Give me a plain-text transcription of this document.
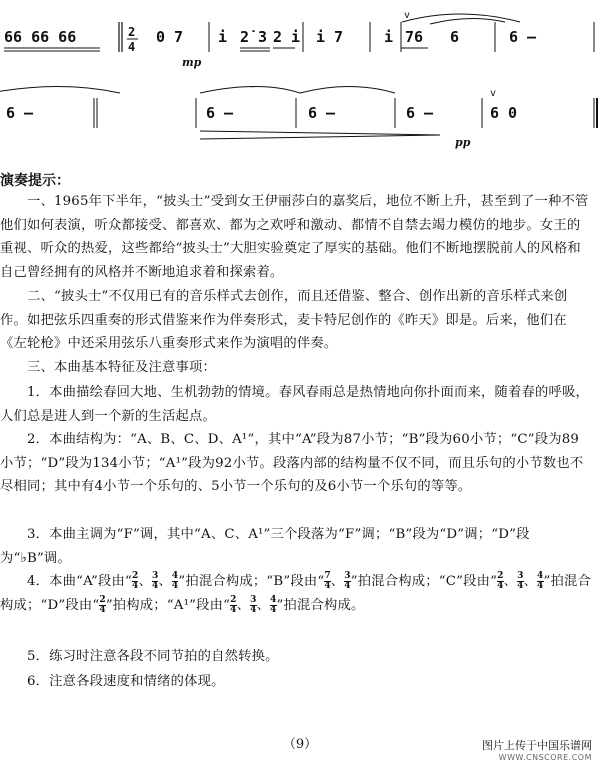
66 66 66	2
4
0 7 i 2˙3 2 i i 7	i 76 6	6 –
v
mp
6 –	6 –	6 –	6 –
v
6 0
pp
演奏提示：

　　一、1965年下半年，“披头士”受到女王伊丽莎白的嘉奖后，地位不断上升，甚至到了一种不管他们如何表演，听众都接受、都喜欢、都为之欢呼和激动、都情不自禁去竭力模仿的地步。女王的重视、听众的热爱，这些都给“披头士”大胆实验奠定了厚实的基础。他们不断地摆脱前人的风格和自己曾经拥有的风格并不断地追求着和探索着。

　　二、“披头士”不仅用已有的音乐样式去创作，而且还借鉴、整合、创作出新的音乐样式来创作。如把弦乐四重奏的形式借鉴来作为伴奏形式，麦卡特尼创作的《昨天》即是。后来，他们在《左轮枪》中还采用弦乐八重奏形式来作为演唱的伴奏。

　　三、本曲基本特征及注意事项：

　　1．本曲描绘春回大地、生机勃勃的情境。春风春雨总是热情地向你扑面而来，随着春的呼吸，人们总是进人到一个新的生活起点。

　　2．本曲结构为：“A、B、C、D、A¹”，其中“A”段为87小节；“B”段为60小节；“C”段为89小节；“D”段为134小节；“A¹”段为92小节。段落内部的结构量不仅不同，而且乐句的小节数也不尽相同；其中有4小节一个乐句的、5小节一个乐句的及6小节一个乐句的等等。

　　3．本曲主调为“F”调，其中“A、C、A¹”三个段落为“F”调；“B”段为“D”调；“D”段为“♭B”调。

　　4．本曲“A”段由“ $\frac{2}{4}$ 、 $\frac{3}{4}$ 、 $\frac{4}{4}$ ”拍混合构成；“B”段由“ $\frac{7}{4}$ 、 $\frac{3}{4}$ ”拍混合构成；“C”段由“ $\frac{2}{4}$ 、 $\frac{3}{4}$ 、 $\frac{4}{4}$ ”拍混合构成；“D”段由“ $\frac{2}{4}$ ”拍构成；“A¹”段由“ $\frac{2}{4}$ 、 $\frac{3}{4}$ 、 $\frac{4}{4}$ ”拍混合构成。

　　5．练习时注意各段不同节拍的自然转换。

　　6．注意各段速度和情绪的体现。

（9）	图片上传于中国乐谱网
WWW.CNSCORE.COM
